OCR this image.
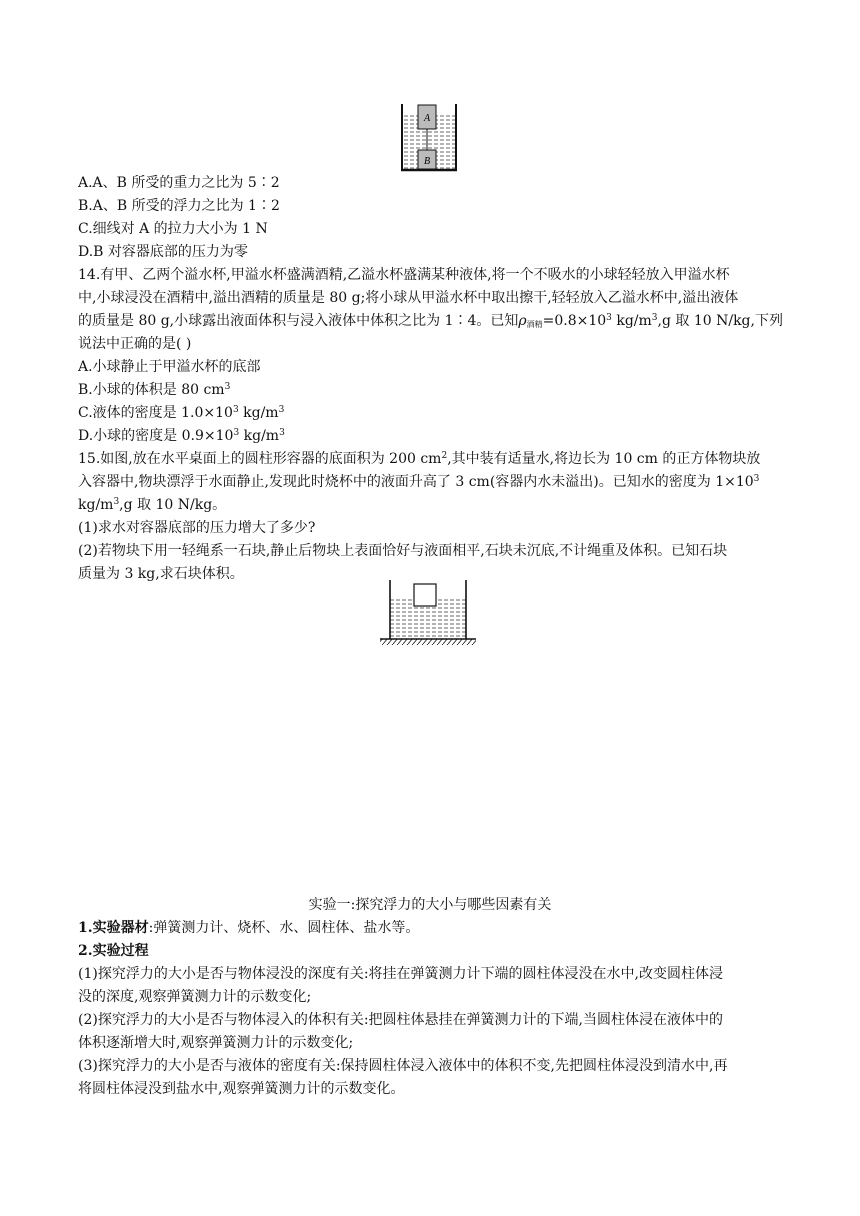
A
B
A.A、B 所受的重力之比为 5∶2
B.A、B 所受的浮力之比为 1∶2
C.细线对 A 的拉力大小为 1 N
D.B 对容器底部的压力为零
14.有甲、乙两个溢水杯,甲溢水杯盛满酒精,乙溢水杯盛满某种液体,将一个不吸水的小球轻轻放入甲溢水杯
中,小球浸没在酒精中,溢出酒精的质量是 80 g;将小球从甲溢水杯中取出擦干,轻轻放入乙溢水杯中,溢出液体
的质量是 80 g,小球露出液面体积与浸入液体中体积之比为 1∶4。已知$\rho_{酒精}=0.8\times 10^3$ $kg/m^3,g$ 取 10 N/kg,下列
说法中正确的是( )
A.小球静止于甲溢水杯的底部
B.小球的体积是 80 $cm^3$
C.液体的密度是 $1.0\times 10^3$ $kg/m^3$
D.小球的密度是 $0.9\times 10^3$ $kg/m^3$
15.如图,放在水平桌面上的圆柱形容器的底面积为 200 $cm^2$,其中装有适量水,将边长为 10 cm 的正方体物块放
入容器中,物块漂浮于水面静止,发现此时烧杯中的液面升高了 3 cm(容器内水未溢出)。已知水的密度为 $1\times 10^3$
$kg/m^3,g$ 取 10 N/kg。
(1)求水对容器底部的压力增大了多少?
(2)若物块下用一轻绳系一石块,静止后物块上表面恰好与液面相平,石块未沉底,不计绳重及体积。已知石块
质量为 3 kg,求石块体积。
实验一:探究浮力的大小与哪些因素有关
1.实验器材:弹簧测力计、烧杯、水、圆柱体、盐水等。
2.实验过程
(1)探究浮力的大小是否与物体浸没的深度有关:将挂在弹簧测力计下端的圆柱体浸没在水中,改变圆柱体浸
没的深度,观察弹簧测力计的示数变化;
(2)探究浮力的大小是否与物体浸入的体积有关:把圆柱体悬挂在弹簧测力计的下端,当圆柱体浸在液体中的
体积逐渐增大时,观察弹簧测力计的示数变化;
(3)探究浮力的大小是否与液体的密度有关:保持圆柱体浸入液体中的体积不变,先把圆柱体浸没到清水中,再
将圆柱体浸没到盐水中,观察弹簧测力计的示数变化。
